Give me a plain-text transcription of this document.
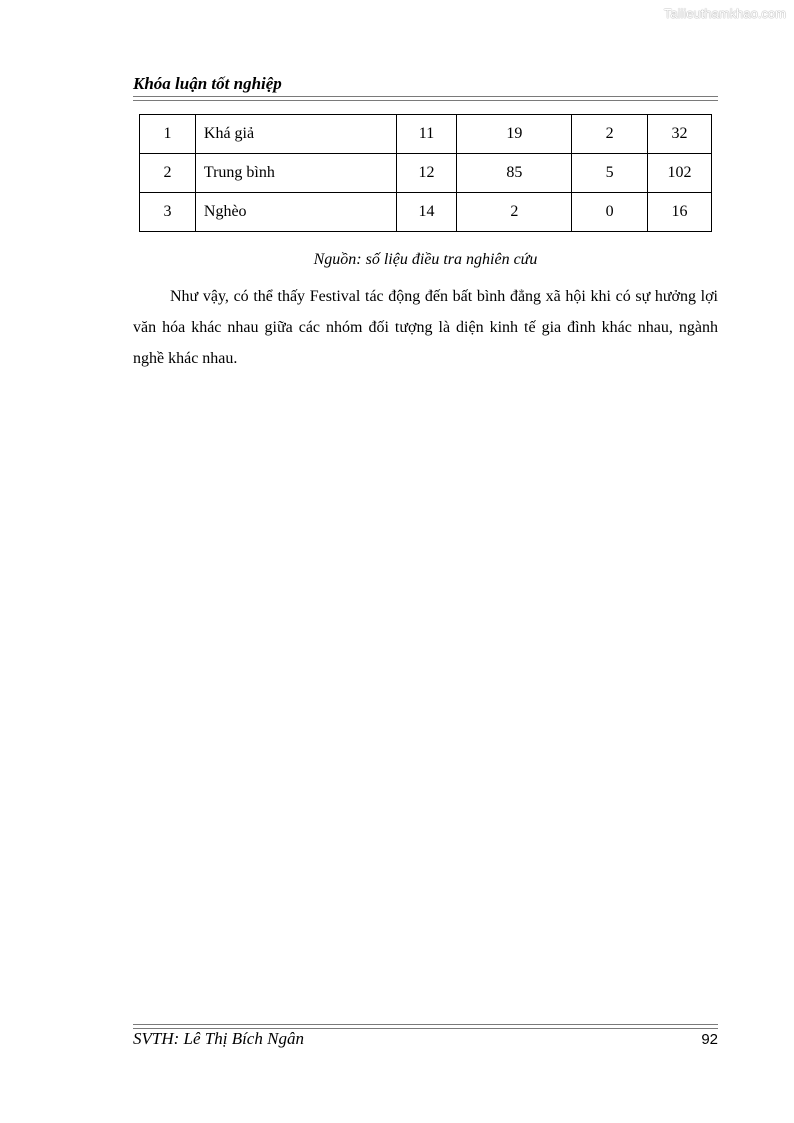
Tailieuthamkhao.com
Khóa luận tốt nghiệp
1	Khá giả	11	19	2	32
2	Trung bình	12	85	5	102
3	Nghèo	14	2	0	16
Nguồn: số liệu điều tra nghiên cứu

Như vậy, có thể thấy Festival tác động đến bất bình đẳng xã hội khi có sự hưởng lợi văn hóa khác nhau giữa các nhóm đối tượng là diện kinh tế gia đình khác nhau, ngành nghề khác nhau.

SVTH: Lê Thị Bích Ngân	92
